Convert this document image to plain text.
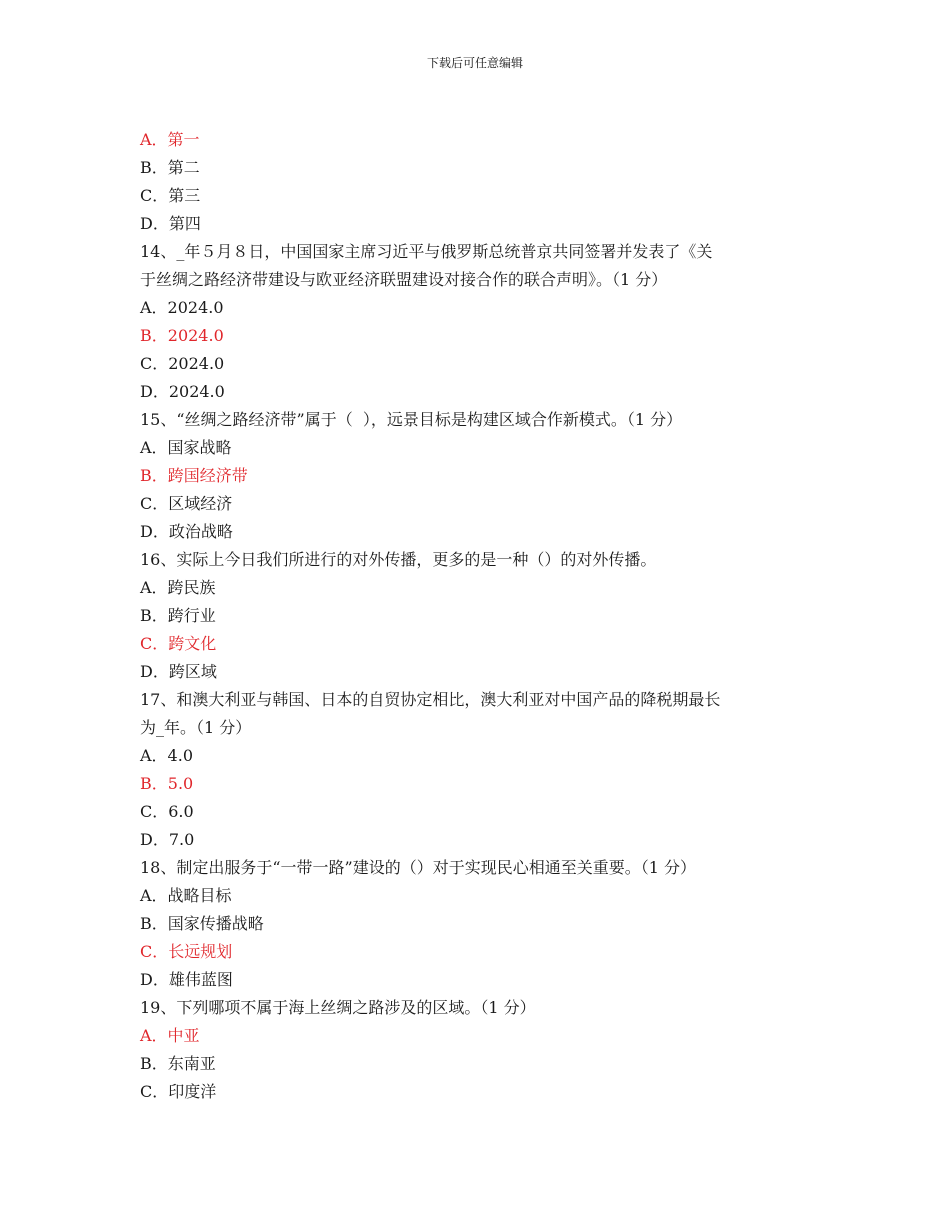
下载后可任意编辑

A．第一

B．第二

C．第三

D．第四

14、_年５月８日，中国国家主席习近平与俄罗斯总统普京共同签署并发表了《关

于丝绸之路经济带建设与欧亚经济联盟建设对接合作的联合声明》。（1 分）

A．2024.0

B．2024.0

C．2024.0

D．2024.0

15、“丝绸之路经济带”属于（  ），远景目标是构建区域合作新模式。（1 分）

A．国家战略

B．跨国经济带

C．区域经济

D．政治战略

16、实际上今日我们所进行的对外传播，更多的是一种（）的对外传播。

A．跨民族

B．跨行业

C．跨文化

D．跨区域

17、和澳大利亚与韩国、日本的自贸协定相比，澳大利亚对中国产品的降税期最长

为_年。（1 分）

A．4.0

B．5.0

C．6.0

D．7.0

18、制定出服务于“一带一路”建设的（）对于实现民心相通至关重要。（1 分）

A．战略目标

B．国家传播战略

C．长远规划

D．雄伟蓝图

19、下列哪项不属于海上丝绸之路涉及的区域。（1 分）

A．中亚

B．东南亚

C．印度洋
